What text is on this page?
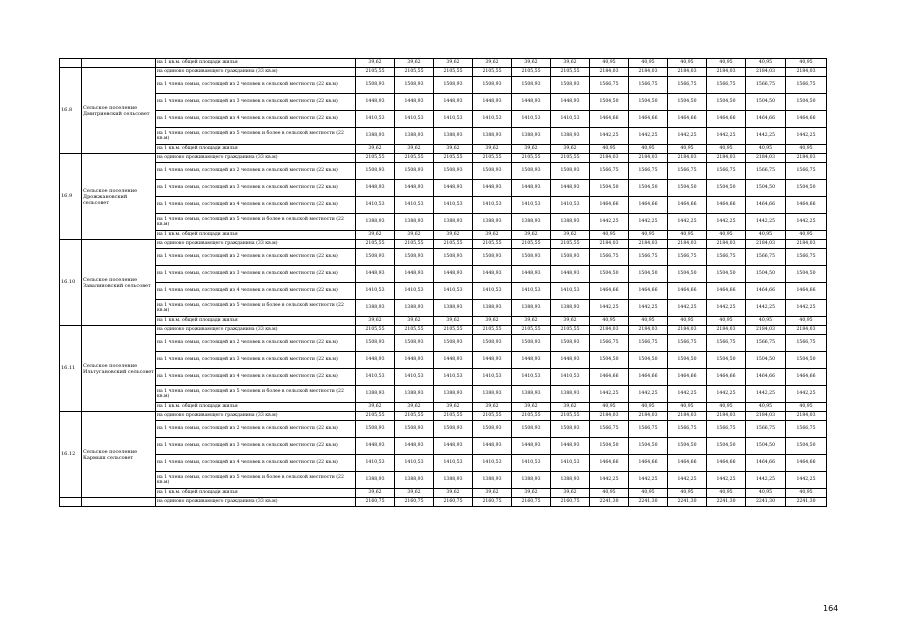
		на 1 кв.м. общей площади жилья	39,62	39,62	39,62	39,62	39,62	39,62	40,95	40,95	40,95	40,95	40,95	40,95
16.8	Сельское поселение Дмитриевский сельсовет	на одиноко проживающего гражданина (33 кв.м)	2105,55	2105,55	2105,55	2105,55	2105,55	2105,55	2184,03	2184,03	2184,03	2184,03	2184,03	2184,03
		на 1 члена семьи, состоящей из 2 человек в сельской местности (22 кв.м)	1508,93	1508,93	1508,93	1508,93	1508,93	1508,93	1566,75	1566,75	1566,75	1566,75	1566,75	1566,75
		на 1 члена семьи, состоящей из 3 человек в сельской местности (22 кв.м)	1448,93	1448,93	1448,93	1448,93	1448,93	1448,93	1504,50	1504,50	1504,50	1504,50	1504,50	1504,50
		на 1 члена семьи, состоящей из 4 человек в сельской местности (22 кв.м)	1410,53	1410,53	1410,53	1410,53	1410,53	1410,53	1464,66	1464,66	1464,66	1464,66	1464,66	1464,66
		на 1 члена семьи, состоящей из 5 человек и более в сельской местности (22 кв.м)	1388,93	1388,93	1388,93	1388,93	1388,93	1388,93	1442,25	1442,25	1442,25	1442,25	1442,25	1442,25
		на 1 кв.м. общей площади жилья	39,62	39,62	39,62	39,62	39,62	39,62	40,95	40,95	40,95	40,95	40,95	40,95
16.9	Сельское поселение Дрожжановский сельсовет	на одиноко проживающего гражданина (33 кв.м)	2105,55	2105,55	2105,55	2105,55	2105,55	2105,55	2184,03	2184,03	2184,03	2184,03	2184,03	2184,03
		на 1 члена семьи, состоящей из 2 человек в сельской местности (22 кв.м)	1508,93	1508,93	1508,93	1508,93	1508,93	1508,93	1566,75	1566,75	1566,75	1566,75	1566,75	1566,75
		на 1 члена семьи, состоящей из 3 человек в сельской местности (22 кв.м)	1448,93	1448,93	1448,93	1448,93	1448,93	1448,93	1504,50	1504,50	1504,50	1504,50	1504,50	1504,50
		на 1 члена семьи, состоящей из 4 человек в сельской местности (22 кв.м)	1410,53	1410,53	1410,53	1410,53	1410,53	1410,53	1464,66	1464,66	1464,66	1464,66	1464,66	1464,66
		на 1 члена семьи, состоящей из 5 человек и более в сельской местности (22 кв.м)	1388,93	1388,93	1388,93	1388,93	1388,93	1388,93	1442,25	1442,25	1442,25	1442,25	1442,25	1442,25
		на 1 кв.м. общей площади жилья	39,62	39,62	39,62	39,62	39,62	39,62	40,95	40,95	40,95	40,95	40,95	40,95
16.10	Сельское поселение Завалиновский сельсовет	на одиноко проживающего гражданина (33 кв.м)	2105,55	2105,55	2105,55	2105,55	2105,55	2105,55	2184,03	2184,03	2184,03	2184,03	2184,03	2184,03
		на 1 члена семьи, состоящей из 2 человек в сельской местности (22 кв.м)	1508,93	1508,93	1508,93	1508,93	1508,93	1508,93	1566,75	1566,75	1566,75	1566,75	1566,75	1566,75
		на 1 члена семьи, состоящей из 3 человек в сельской местности (22 кв.м)	1448,93	1448,93	1448,93	1448,93	1448,93	1448,93	1504,50	1504,50	1504,50	1504,50	1504,50	1504,50
		на 1 члена семьи, состоящей из 4 человек в сельской местности (22 кв.м)	1410,53	1410,53	1410,53	1410,53	1410,53	1410,53	1464,66	1464,66	1464,66	1464,66	1464,66	1464,66
		на 1 члена семьи, состоящей из 5 человек и более в сельской местности (22 кв.м)	1388,93	1388,93	1388,93	1388,93	1388,93	1388,93	1442,25	1442,25	1442,25	1442,25	1442,25	1442,25
		на 1 кв.м. общей площади жилья	39,62	39,62	39,62	39,62	39,62	39,62	40,95	40,95	40,95	40,95	40,95	40,95
16.11	Сельское поселение Ильтугановский сельсовет	на одиноко проживающего гражданина (33 кв.м)	2105,55	2105,55	2105,55	2105,55	2105,55	2105,55	2184,03	2184,03	2184,03	2184,03	2184,03	2184,03
		на 1 члена семьи, состоящей из 2 человек в сельской местности (22 кв.м)	1508,93	1508,93	1508,93	1508,93	1508,93	1508,93	1566,75	1566,75	1566,75	1566,75	1566,75	1566,75
		на 1 члена семьи, состоящей из 3 человек в сельской местности (22 кв.м)	1448,93	1448,93	1448,93	1448,93	1448,93	1448,93	1504,50	1504,50	1504,50	1504,50	1504,50	1504,50
		на 1 члена семьи, состоящей из 4 человек в сельской местности (22 кв.м)	1410,53	1410,53	1410,53	1410,53	1410,53	1410,53	1464,66	1464,66	1464,66	1464,66	1464,66	1464,66
		на 1 члена семьи, состоящей из 5 человек и более в сельской местности (22 кв.м)	1388,93	1388,93	1388,93	1388,93	1388,93	1388,93	1442,25	1442,25	1442,25	1442,25	1442,25	1442,25
		на 1 кв.м. общей площади жилья	39,62	39,62	39,62	39,62	39,62	39,62	40,95	40,95	40,95	40,95	40,95	40,95
16.12	Сельское поселение Кармыш сельсовет	на одиноко проживающего гражданина (33 кв.м)	2105,55	2105,55	2105,55	2105,55	2105,55	2105,55	2184,03	2184,03	2184,03	2184,03	2184,03	2184,03
		на 1 члена семьи, состоящей из 2 человек в сельской местности (22 кв.м)	1508,93	1508,93	1508,93	1508,93	1508,93	1508,93	1566,75	1566,75	1566,75	1566,75	1566,75	1566,75
		на 1 члена семьи, состоящей из 3 человек в сельской местности (22 кв.м)	1448,93	1448,93	1448,93	1448,93	1448,93	1448,93	1504,50	1504,50	1504,50	1504,50	1504,50	1504,50
		на 1 члена семьи, состоящей из 4 человек в сельской местности (22 кв.м)	1410,53	1410,53	1410,53	1410,53	1410,53	1410,53	1464,66	1464,66	1464,66	1464,66	1464,66	1464,66
		на 1 члена семьи, состоящей из 5 человек и более в сельской местности (22 кв.м)	1388,93	1388,93	1388,93	1388,93	1388,93	1388,93	1442,25	1442,25	1442,25	1442,25	1442,25	1442,25
		на 1 кв.м. общей площади жилья	39,62	39,62	39,62	39,62	39,62	39,62	40,95	40,95	40,95	40,95	40,95	40,95
		на одиноко проживающего гражданина (33 кв.м)	2160,75	2160,75	2160,75	2160,75	2160,75	2160,75	2241,30	2241,30	2241,30	2241,30	2241,30	2241,30
164
